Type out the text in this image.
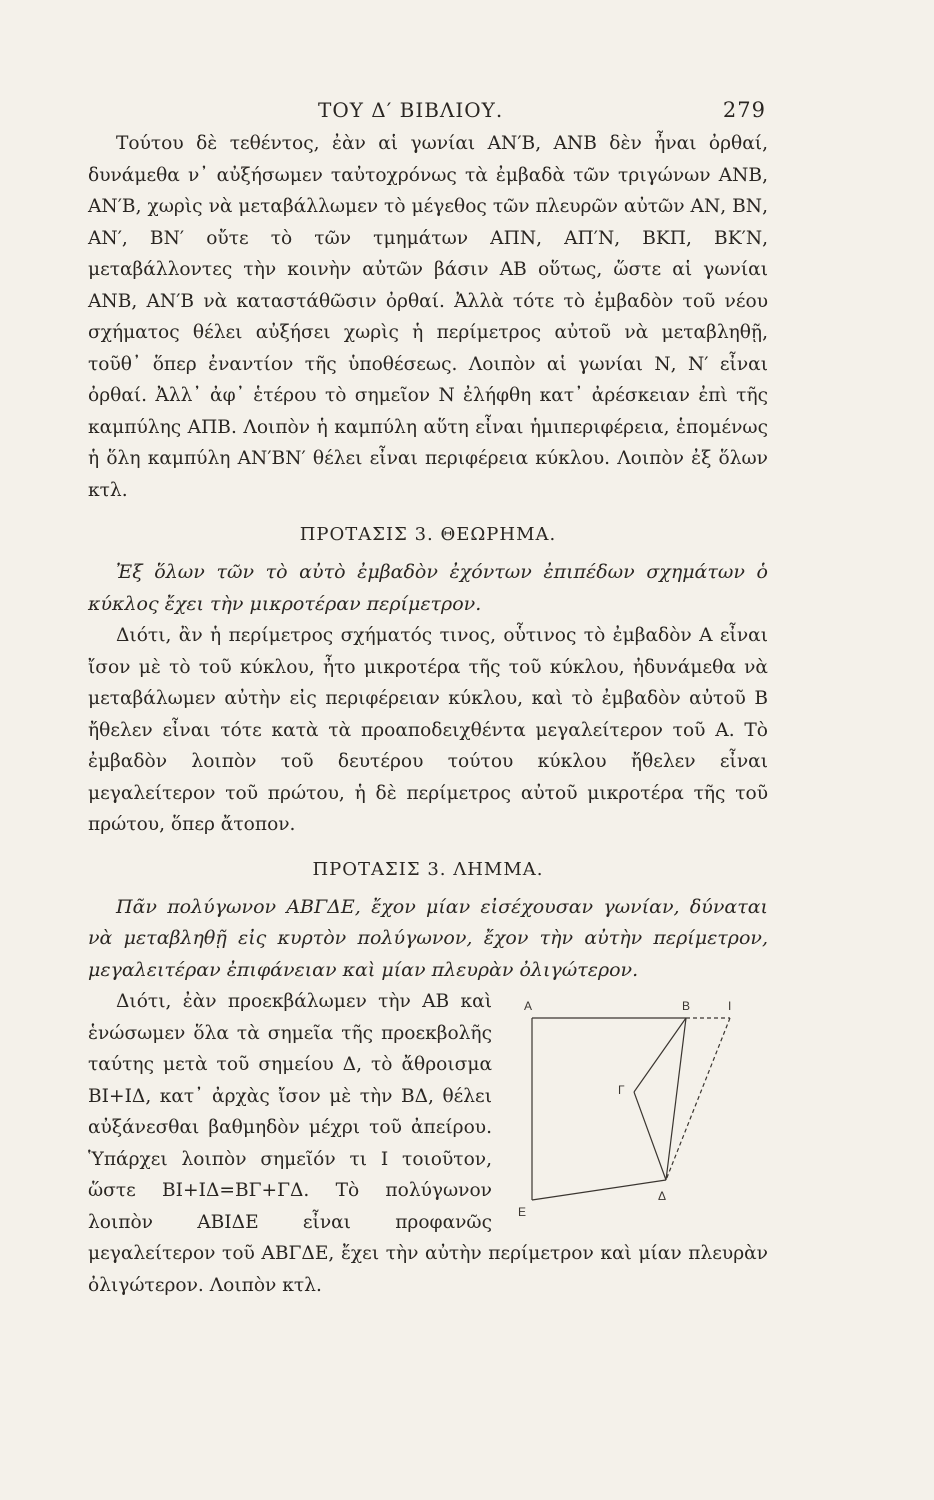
ΤΟΥ Δ′ ΒΙΒΛΙΟΥ.	279

Τούτου δὲ τεθέντος, ἐὰν αἱ γωνίαι ΑΝ′Β, ΑΝΒ δὲν ἦναι ὀρθαί, δυνάμεθα ν᾽ αὐξήσωμεν ταὐτοχρόνως τὰ ἐμβαδὰ τῶν τριγώνων ΑΝΒ, ΑΝ′Β, χωρὶς νὰ μεταβάλλωμεν τὸ μέγεθος τῶν πλευρῶν αὐτῶν ΑΝ, ΒΝ, ΑΝ′, ΒΝ′ οὔτε τὸ τῶν τμημάτων ΑΠΝ, ΑΠ′Ν, ΒΚΠ, ΒΚ′Ν, μεταβάλλοντες τὴν κοινὴν αὐτῶν βάσιν ΑΒ οὕτως, ὥστε αἱ γωνίαι ΑΝΒ, ΑΝ′Β νὰ καταστάθῶσιν ὀρθαί. Ἀλλὰ τότε τὸ ἐμβαδὸν τοῦ νέου σχήματος θέλει αὐξήσει χωρὶς ἡ περίμετρος αὐτοῦ νὰ μεταβληθῇ, τοῦθ᾽ ὅπερ ἐναντίον τῆς ὑποθέσεως. Λοιπὸν αἱ γωνίαι Ν, Ν′ εἶναι ὀρθαί. Ἀλλ᾽ ἀφ᾽ ἑτέρου τὸ σημεῖον Ν ἐλήφθη κατ᾽ ἀρέσκειαν ἐπὶ τῆς καμπύλης ΑΠΒ. Λοιπὸν ἡ καμπύλη αὕτη εἶναι ἡμιπεριφέρεια, ἑπομένως ἡ ὅλη καμπύλη ΑΝ′ΒΝ′ θέλει εἶναι περιφέρεια κύκλου. Λοιπὸν ἐξ ὅλων κτλ.

ΠΡΟΤΑΣΙΣ 3. ΘΕΩΡΗΜΑ.

Ἐξ ὅλων τῶν τὸ αὐτὸ ἐμβαδὸν ἐχόντων ἐπιπέδων σχημάτων ὁ κύκλος ἔχει τὴν μικροτέραν περίμετρον.

Διότι, ἂν ἡ περίμετρος σχήματός τινος, οὗτινος τὸ ἐμβαδὸν Α εἶναι ἴσον μὲ τὸ τοῦ κύκλου, ἦτο μικροτέρα τῆς τοῦ κύκλου, ἠδυνάμεθα νὰ μεταβάλωμεν αὐτὴν εἰς περιφέρειαν κύκλου, καὶ τὸ ἐμβαδὸν αὐτοῦ Β ἤθελεν εἶναι τότε κατὰ τὰ προαποδειχθέντα μεγαλείτερον τοῦ Α. Τὸ ἐμβαδὸν λοιπὸν τοῦ δευτέρου τούτου κύκλου ἤθελεν εἶναι μεγαλείτερον τοῦ πρώτου, ἡ δὲ περίμετρος αὐτοῦ μικροτέρα τῆς τοῦ πρώτου, ὅπερ ἄτοπον.

ΠΡΟΤΑΣΙΣ 3. ΛΗΜΜΑ.

Πᾶν πολύγωνον ΑΒΓΔΕ, ἔχον μίαν εἰσέχουσαν γωνίαν, δύναται νὰ μεταβληθῇ εἰς κυρτὸν πολύγωνον, ἔχον τὴν αὐτὴν περίμετρον, μεγαλειτέραν ἐπιφάνειαν καὶ μίαν πλευρὰν ὀλιγώτερον.

A	B	I
Γ
Δ
E

Διότι, ἐὰν προεκβάλωμεν τὴν ΑΒ καὶ ἑνώσωμεν ὅλα τὰ σημεῖα τῆς προεκβολῆς ταύτης μετὰ τοῦ σημείου Δ, τὸ ἄθροισμα ΒΙ+ΙΔ, κατ᾽ ἀρχὰς ἴσον μὲ τὴν ΒΔ, θέλει αὐξάνεσθαι βαθμηδὸν μέχρι τοῦ ἀπείρου. Ὑπάρχει λοιπὸν σημεῖόν τι Ι τοιοῦτον, ὥστε ΒΙ+ΙΔ=ΒΓ+ΓΔ. Τὸ πολύγωνον λοιπὸν ΑΒΙΔΕ εἶναι προφανῶς μεγαλείτερον τοῦ ΑΒΓΔΕ, ἔχει τὴν αὐτὴν περίμετρον καὶ μίαν πλευρὰν ὀλιγώτερον. Λοιπὸν κτλ.
